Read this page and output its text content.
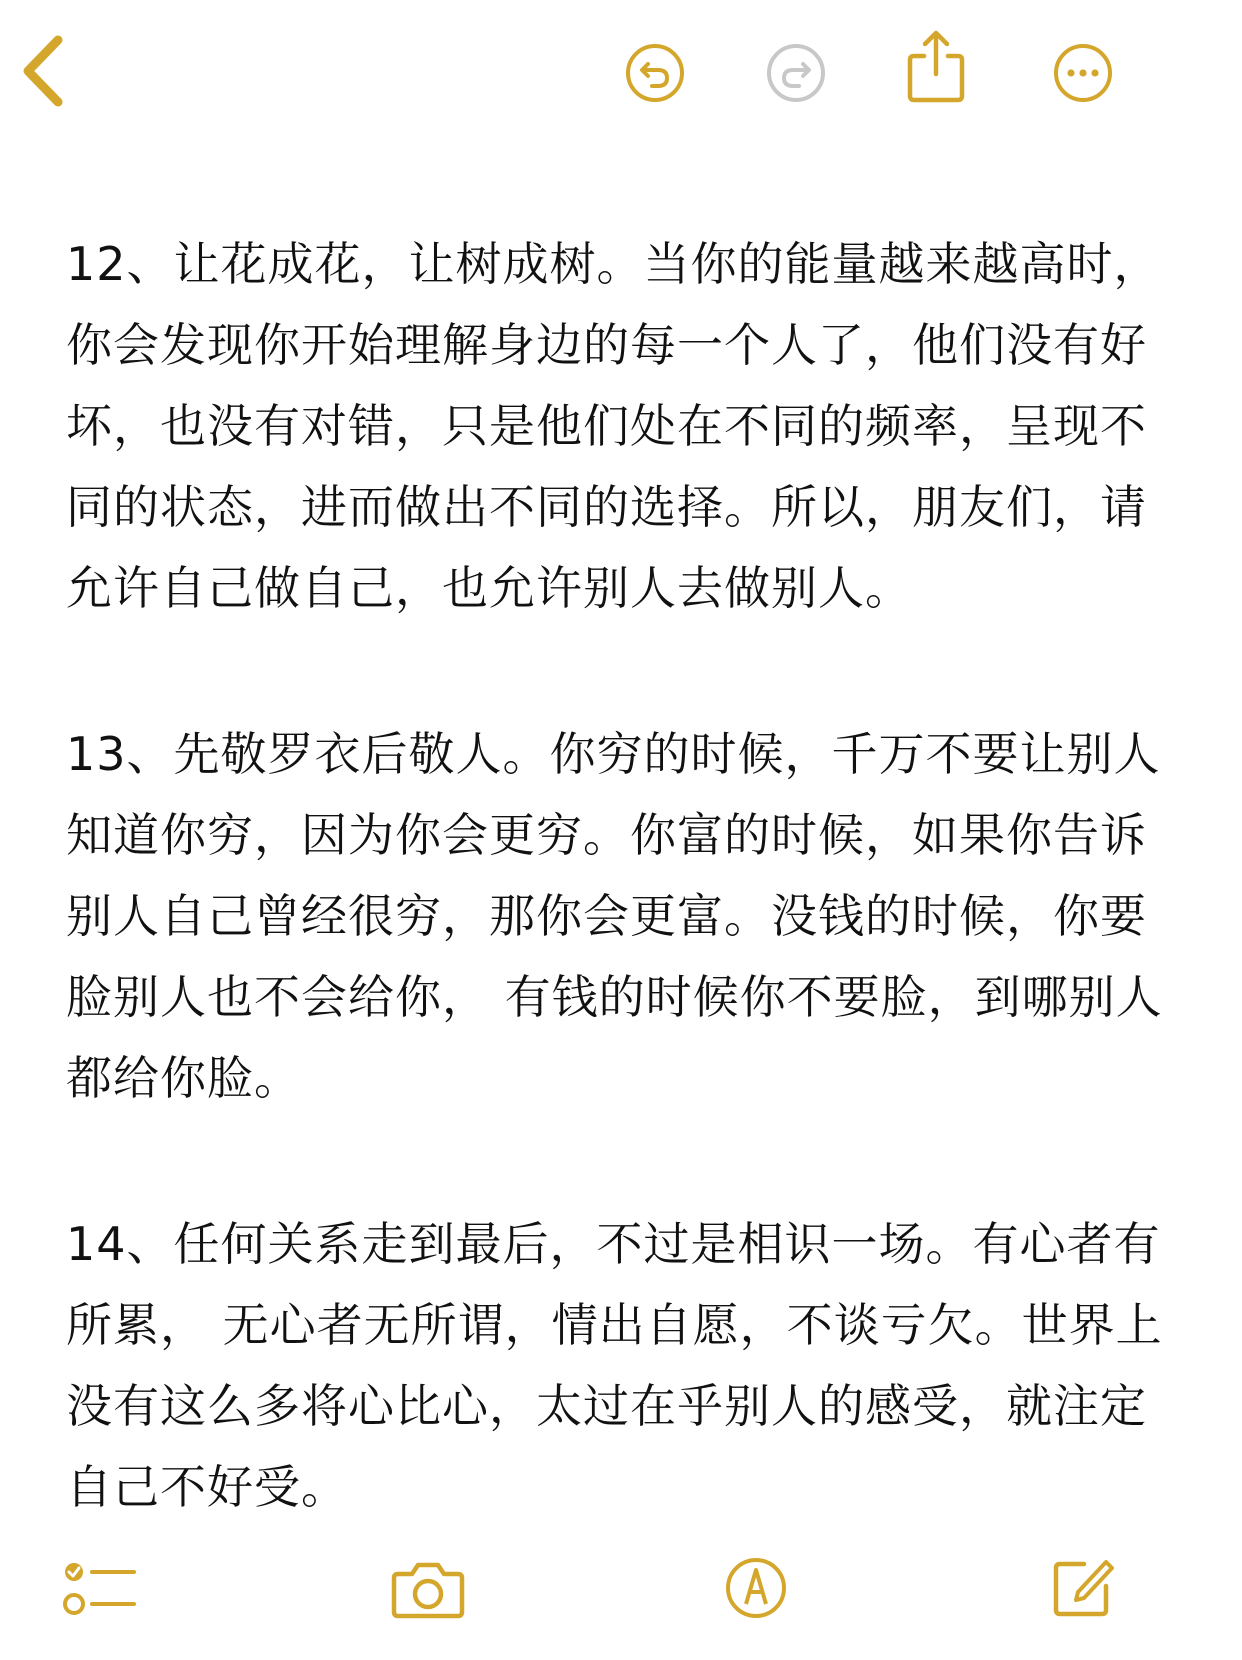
12、让花成花，让树成树。当你的能量越来越高时，你会发现你开始理解身边的每一个人了，他们没有好坏，也没有对错，只是他们处在不同的频率，呈现不同的状态，进而做出不同的选择。所以，朋友们，请允许自己做自己，也允许别人去做别人。

13、先敬罗衣后敬人。你穷的时候，千万不要让别人知道你穷，因为你会更穷。你富的时候，如果你告诉别人自己曾经很穷，那你会更富。没钱的时候，你要脸别人也不会给你， 有钱的时候你不要脸，到哪别人都给你脸。

14、任何关系走到最后，不过是相识一场。有心者有所累， 无心者无所谓，情出自愿，不谈亏欠。世界上没有这么多将心比心，太过在乎别人的感受，就注定自己不好受。
